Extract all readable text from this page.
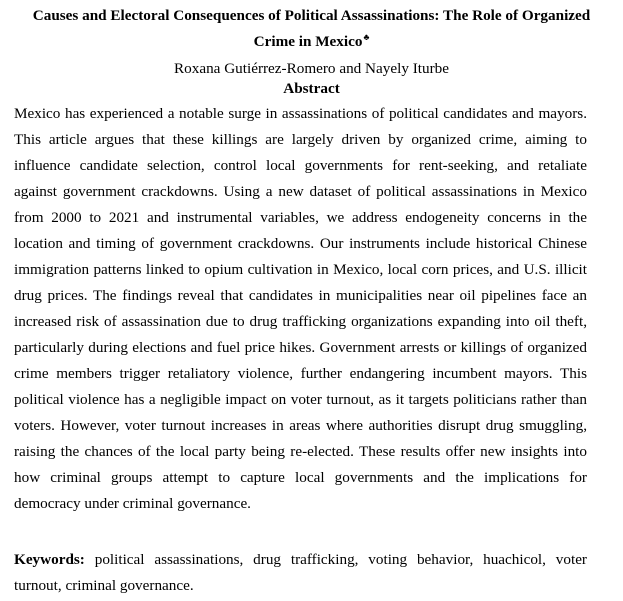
Causes and Electoral Consequences of Political Assassinations: The Role of Organized
Crime in Mexico♣
Roxana Gutiérrez-Romero and Nayely Iturbe
Abstract
Mexico has experienced a notable surge in assassinations of political candidates and mayors.
This article argues that these killings are largely driven by organized crime, aiming to
influence candidate selection, control local governments for rent-seeking, and retaliate
against government crackdowns. Using a new dataset of political assassinations in Mexico
from 2000 to 2021 and instrumental variables, we address endogeneity concerns in the
location and timing of government crackdowns. Our instruments include historical Chinese
immigration patterns linked to opium cultivation in Mexico, local corn prices, and U.S. illicit
drug prices. The findings reveal that candidates in municipalities near oil pipelines face an
increased risk of assassination due to drug trafficking organizations expanding into oil theft,
particularly during elections and fuel price hikes. Government arrests or killings of organized
crime members trigger retaliatory violence, further endangering incumbent mayors. This
political violence has a negligible impact on voter turnout, as it targets politicians rather than
voters. However, voter turnout increases in areas where authorities disrupt drug smuggling,
raising the chances of the local party being re-elected. These results offer new insights into
how criminal groups attempt to capture local governments and the implications for
democracy under criminal governance.
Keywords: political assassinations, drug trafficking, voting behavior, huachicol, voter
turnout, criminal governance.
